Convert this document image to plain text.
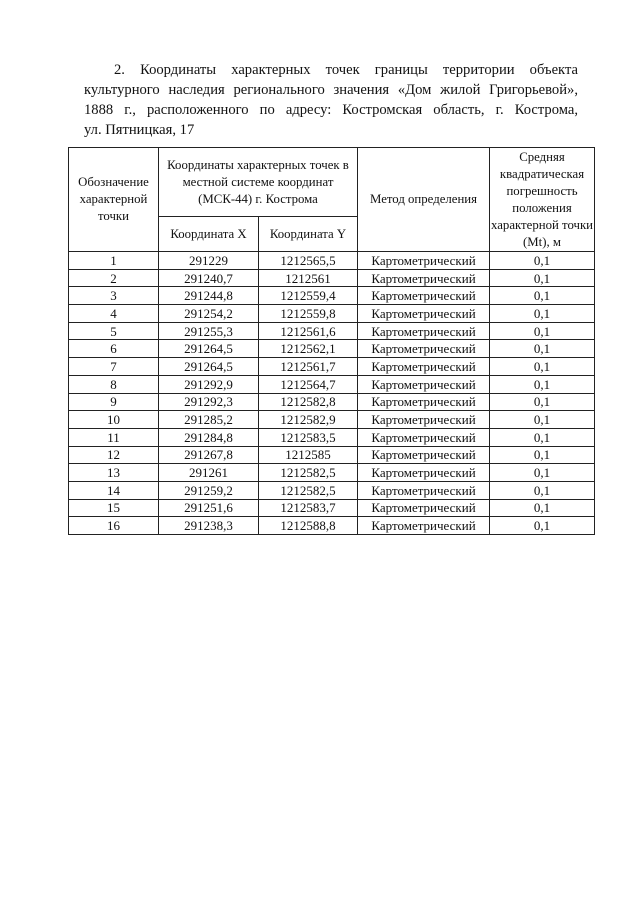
2. Координаты характерных точек границы территории объекта
культурного наследия регионального значения «Дом жилой Григорьевой»,
1888 г., расположенного по адресу: Костромская область, г. Кострома,
ул. Пятницкая, 17
Обозначение характерной точки	Координаты характерных точек в местной системе координат (МСК-44) г. Кострома		Метод определения	Средняя квадратическая погрешность положения характерной точки (Mt), м
	Координата X	Координата Y		
1	291229	1212565,5	Картометрический	0,1
2	291240,7	1212561	Картометрический	0,1
3	291244,8	1212559,4	Картометрический	0,1
4	291254,2	1212559,8	Картометрический	0,1
5	291255,3	1212561,6	Картометрический	0,1
6	291264,5	1212562,1	Картометрический	0,1
7	291264,5	1212561,7	Картометрический	0,1
8	291292,9	1212564,7	Картометрический	0,1
9	291292,3	1212582,8	Картометрический	0,1
10	291285,2	1212582,9	Картометрический	0,1
11	291284,8	1212583,5	Картометрический	0,1
12	291267,8	1212585	Картометрический	0,1
13	291261	1212582,5	Картометрический	0,1
14	291259,2	1212582,5	Картометрический	0,1
15	291251,6	1212583,7	Картометрический	0,1
16	291238,3	1212588,8	Картометрический	0,1
